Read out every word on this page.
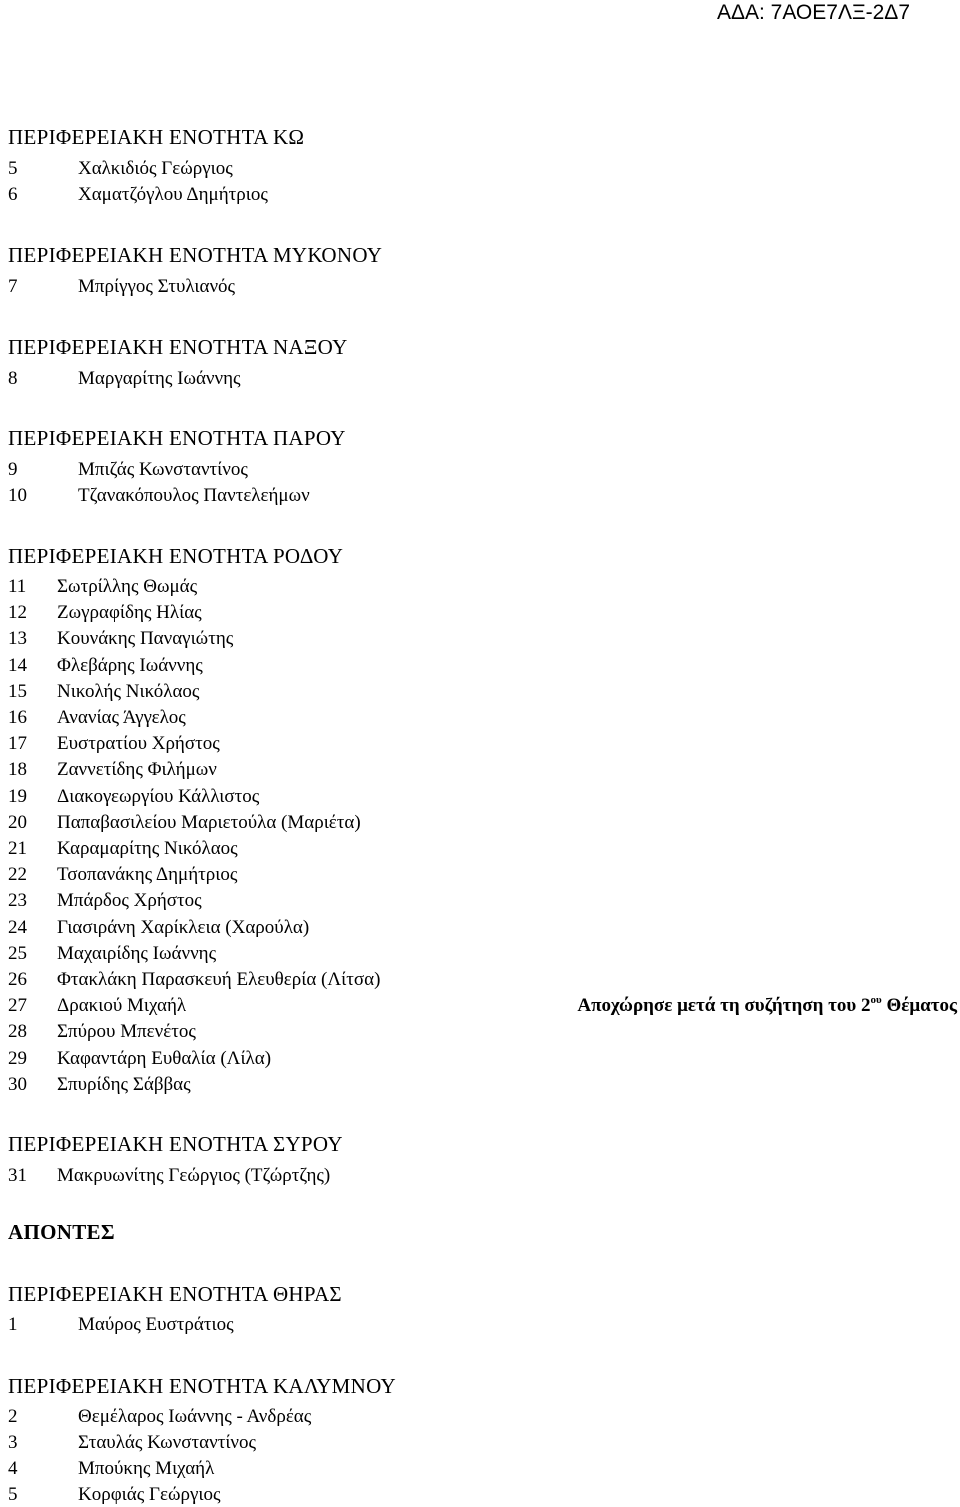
ΑΔΑ: 7ΑΟΕ7ΛΞ-2Δ7
ΠΕΡΙΦΕΡΕΙΑΚΗ ΕΝΟΤΗΤΑ ΚΩ
5	Χαλκιδιός Γεώργιος
6	Χαματζόγλου Δημήτριος
ΠΕΡΙΦΕΡΕΙΑΚΗ ΕΝΟΤΗΤΑ ΜΥΚΟΝΟΥ
7	Μπρίγγος Στυλιανός
ΠΕΡΙΦΕΡΕΙΑΚΗ ΕΝΟΤΗΤΑ ΝΑΞΟΥ
8	Μαργαρίτης Ιωάννης
ΠΕΡΙΦΕΡΕΙΑΚΗ ΕΝΟΤΗΤΑ ΠΑΡΟΥ
9	Μπιζάς Κωνσταντίνος
10	Τζανακόπουλος Παντελεήμων
ΠΕΡΙΦΕΡΕΙΑΚΗ ΕΝΟΤΗΤΑ ΡΟΔΟΥ
11 Σωτρίλλης Θωμάς
12 Ζωγραφίδης Ηλίας
13 Κουνάκης Παναγιώτης
14 Φλεβάρης Ιωάννης
15 Νικολής Νικόλαος
16 Ανανίας Άγγελος
17 Ευστρατίου Χρήστος
18 Ζαννετίδης Φιλήμων
19 Διακογεωργίου Κάλλιστος
20 Παπαβασιλείου Μαριετούλα (Μαριέτα)
21 Καραμαρίτης Νικόλαος
22 Τσοπανάκης Δημήτριος
23 Μπάρδος Χρήστος
24 Γιασιράνη Χαρίκλεια (Χαρούλα)
25 Μαχαιρίδης Ιωάννης
26 Φτακλάκη Παρασκευή Ελευθερία (Λίτσα)
27 Δρακιού Μιχαήλ	Αποχώρησε μετά τη συζήτηση του $2^{o\upsilon}$ Θέματος
28 Σπύρου Μπενέτος
29 Καφαντάρη Ευθαλία (Λίλα)
30 Σπυρίδης Σάββας
ΠΕΡΙΦΕΡΕΙΑΚΗ ΕΝΟΤΗΤΑ ΣΥΡΟΥ
31 Μακρυωνίτης Γεώργιος (Τζώρτζης)
ΑΠΟΝΤΕΣ
ΠΕΡΙΦΕΡΕΙΑΚΗ ΕΝΟΤΗΤΑ ΘΗΡΑΣ
1	Μαύρος Ευστράτιος
ΠΕΡΙΦΕΡΕΙΑΚΗ ΕΝΟΤΗΤΑ ΚΑΛΥΜΝΟΥ
2	Θεμέλαρος Ιωάννης - Ανδρέας
3	Σταυλάς Κωνσταντίνος
4	Μπούκης Μιχαήλ
5	Κορφιάς Γεώργιος
